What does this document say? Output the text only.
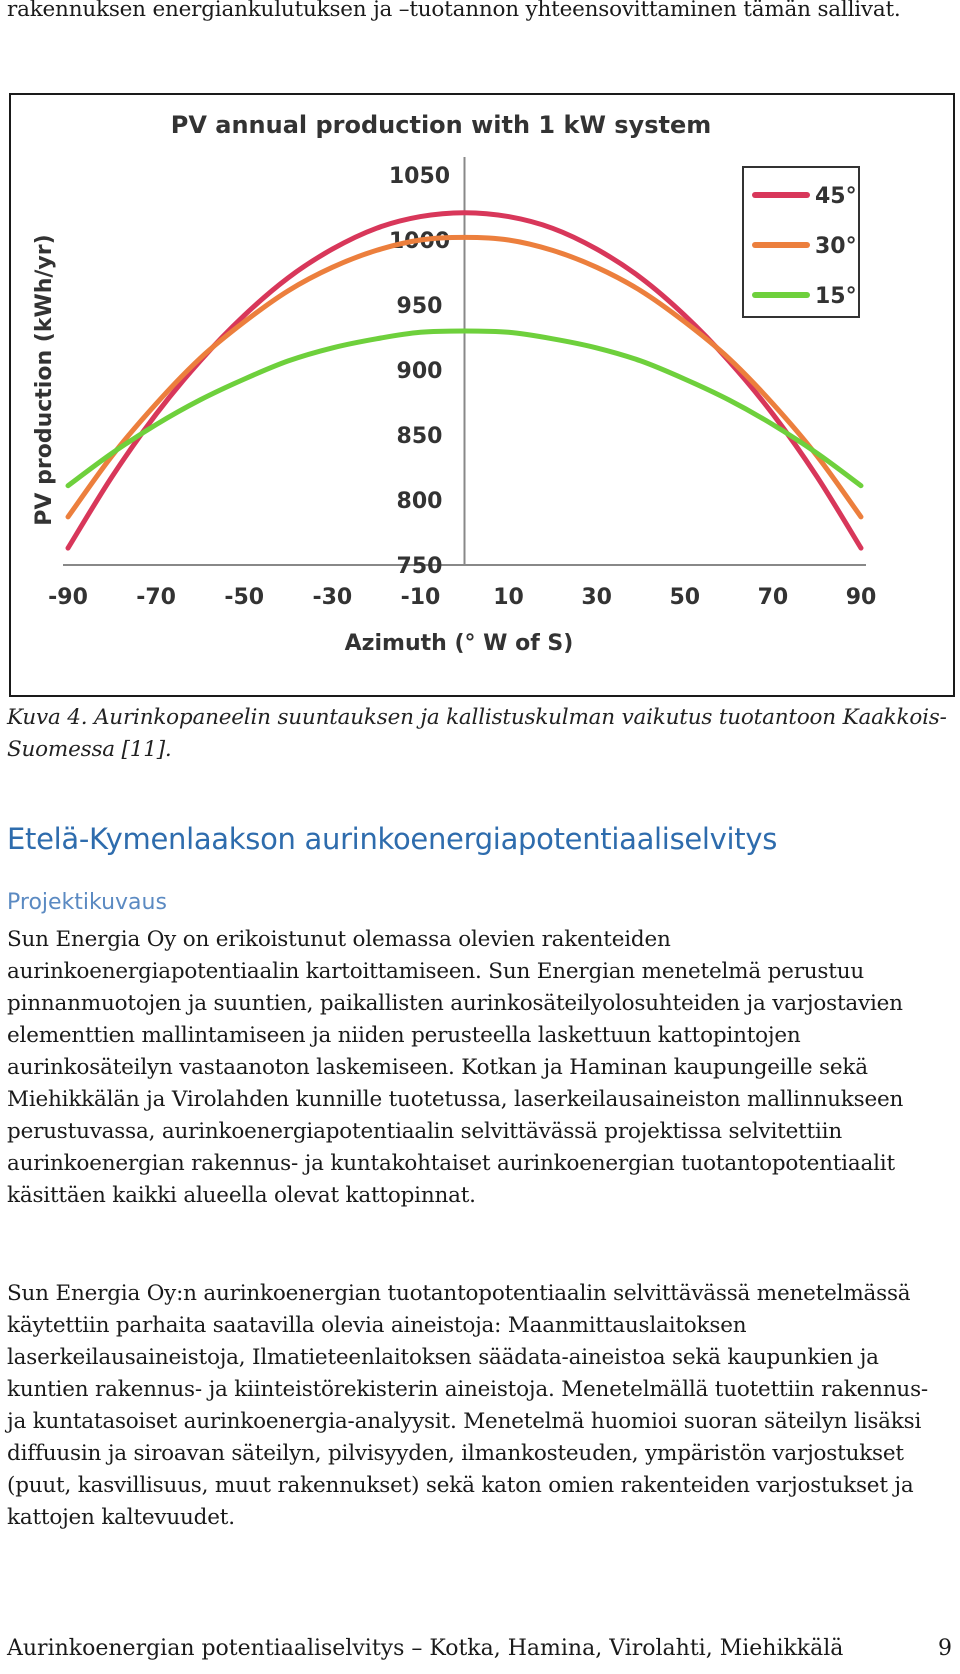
rakennuksen energiankulutuksen ja –tuotannon yhteensovittaminen tämän sallivat.
PV annual production with 1 kW system
PV production (kWh/yr)
Azimuth (° W of S)
-90 -70 -50 -30 -10 10	30	50	70	90
750
800
850
900
950
1000
1050
45°
30°
15°
Kuva 4. Aurinkopaneelin suuntauksen ja kallistuskulman vaikutus tuotantoon Kaakkois-Suomessa [11].
Etelä-Kymenlaakson aurinkoenergiapotentiaaliselvitys
Projektikuvaus

Sun Energia Oy on erikoistunut olemassa olevien rakenteiden aurinkoenergiapotentiaalin kartoittamiseen. Sun Energian menetelmä perustuu pinnanmuotojen ja suuntien, paikallisten aurinkosäteilyolosuhteiden ja varjostavien elementtien mallintamiseen ja niiden perusteella laskettuun kattopintojen aurinkosäteilyn vastaanoton laskemiseen. Kotkan ja Haminan kaupungeille sekä Miehikkälän ja Virolahden kunnille tuotetussa, laserkeilausaineiston mallinnukseen perustuvassa, aurinkoenergiapotentiaalin selvittävässä projektissa selvitettiin aurinkoenergian rakennus- ja kuntakohtaiset aurinkoenergian tuotantopotentiaalit käsittäen kaikki alueella olevat kattopinnat.

Sun Energia Oy:n aurinkoenergian tuotantopotentiaalin selvittävässä menetelmässä käytettiin parhaita saatavilla olevia aineistoja: Maanmittauslaitoksen laserkeilausaineistoja, Ilmatieteenlaitoksen säädata-aineistoa sekä kaupunkien ja kuntien rakennus- ja kiinteistörekisterin aineistoja. Menetelmällä tuotettiin rakennus- ja kuntatasoiset aurinkoenergia-analyysit. Menetelmä huomioi suoran säteilyn lisäksi diffuusin ja siroavan säteilyn, pilvisyyden, ilmankosteuden, ympäristön varjostukset (puut, kasvillisuus, muut rakennukset) sekä katon omien rakenteiden varjostukset ja kattojen kaltevuudet.

Aurinkoenergian potentiaaliselvitys – Kotka, Hamina, Virolahti, Miehikkälä	9
